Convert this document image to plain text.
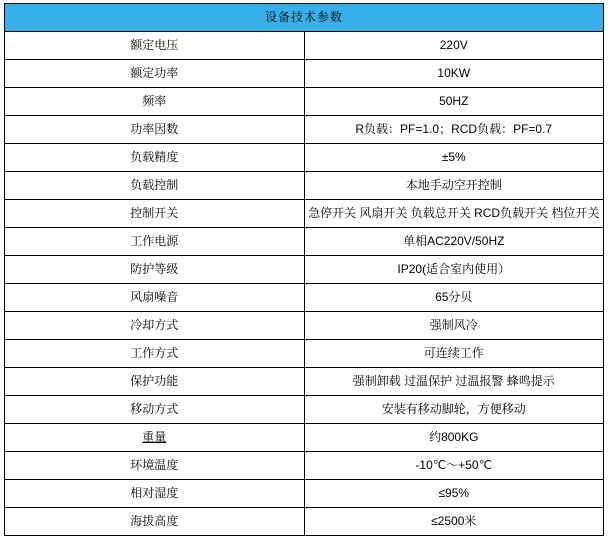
设备技术参数	
额定电压	220V
额定功率	10KW
频率	50HZ
功率因数	R负载：PF=1.0；RCD负载：PF=0.7
负载精度	±5%
负载控制	本地手动空开控制
控制开关	急停开关 风扇开关 负载总开关 RCD负载开关 档位开关
工作电源	单相AC220V/50HZ
防护等级	IP20(适合室内使用）
风扇噪音	65分贝
冷却方式	强制风冷
工作方式	可连续工作
保护功能	强制卸载 过温保护 过温报警 蜂鸣提示
移动方式	安装有移动脚轮，方便移动
重量	约800KG
环境温度	-10℃～+50℃
相对湿度	≤95%
海拔高度	≤2500米
